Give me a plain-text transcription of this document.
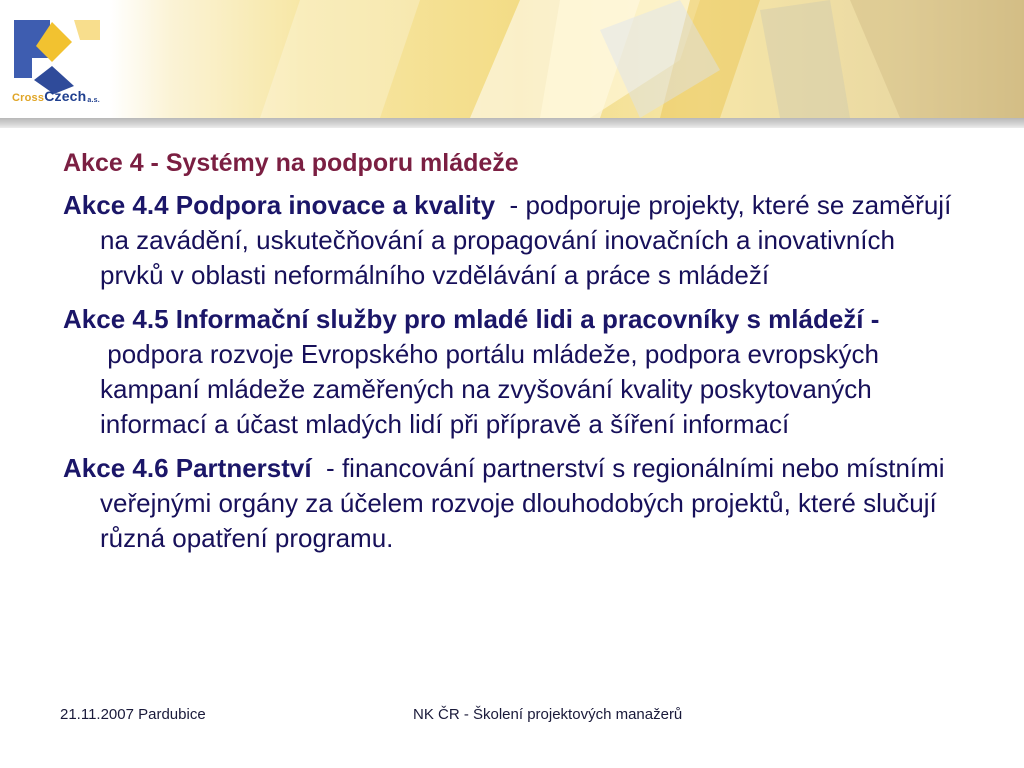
CrossCzecha.s.
Akce 4 - Systémy na podporu mládeže
Akce 4.4 Podpora inovace a kvality  - podporuje projekty, které se zaměřují na zavádění, uskutečňování a propagování inovačních a inovativních prvků v oblasti neformálního vzdělávání a práce s mládeží
Akce 4.5 Informační služby pro mladé lidi a pracovníky s mládeží - podpora rozvoje Evropského portálu mládeže, podpora evropských kampaní mládeže zaměřených na zvyšování kvality poskytovaných informací a účast mladých lidí při přípravě a šíření informací
Akce 4.6 Partnerství  - financování partnerství s regionálními nebo místními veřejnými orgány za účelem rozvoje dlouhodobých projektů, které slučují různá opatření programu.
21.11.2007 Pardubice	NK ČR - Školení projektových manažerů
